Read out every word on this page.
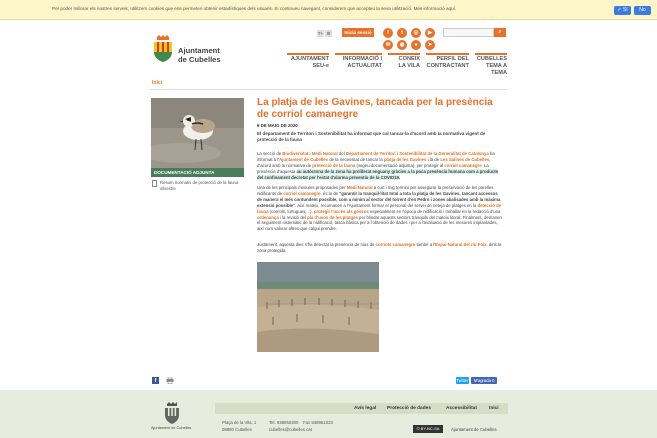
Per poder millorar els nostres serveis, utilitzem cookies que ens permeten obtenir estadístiques dels usuaris. Si continueu navegant, considerem que accepteu la seva utilització. Més informació aquí.	✓ Sí	No
Ajuntament
de Cubelles
T+ ⚙	Inicia sessió	f	t	◎	▶
✉	◉	●	➤
⌕
AJUNTAMENT
SEU-e
INFORMACIÓ I
ACTUALITAT
CONEIX
LA VILA
PERFIL DEL
CONTRACTANT
CUBELLES
TEMA A TEMA
Inici
DOCUMENTACIÓ ADJUNTA
Resum normativ de protecció de la fauna silvestre
La platja de les Gavines, tancada per la presència de corriol camanegre
8 DE MAIG DE 2020
El departament de Territori i Sostenibilitat ha informat que cal tancar-la d'acord amb la normativa vigent de protecció de la fauna

La secció de Biodiversitat i Medi Natural del Departament de Territori i Sostenibilitat de la Generalitat de Catalunya ha informat a l'Ajuntament de Cubelles de la necessitat de tancar la platja de les Gavines i la de Les Salines de Cubelles, d'acord amb la normativa de protecció de la fauna (vegeu documentació adjunta), per protegir al corriol camanegre. La presència d'aquesta au autòctona de la zona ha proliferat enguany gràcies a la poca presència humana com a producte del confinament decretat per l'estat d'alarma preventiu de la COVID19.

Una de les principals mesures proposades per Medi Natural a curt i mig termini per assegurar la preservació de les parelles nidificants de corriol camanegre, és la de "garantir la tranquil·litat total a tota la platja de les Gavines, tancant accessos de manera el més contundent possible, com a mínim al sector del torrent d'en Pedro i zones abalisades amb la màxima extensió possible". Així mateix, recomanen a l'Ajuntament formar el personal del servei de neteja de platges en la detecció de fauna (corriols, tortugues,...), protegir l'accés als gossos especialment en l'època de nidificació i treballar en la redacció d'una ordenança i la revisió del pla d'usos de les platges per blindar aquests sectors tranquils del mateix litoral. Finalment, demanen el seguiment sistemàtic de la nidificació, tasca bàsica per a l'obtenció de dades i per a l'avaluació de les mesures implantades, així com valorar altres que calgui prendre.

Justament, aquesta dies s'ha detectat la presència de nius de corriols camanegre també a l'Espai Natural del riu Foix, dins la zona protegida.

f	Twitter	M'agrada 0
Avís legal Protecció de dades	Accessibilitat	Inici
Ajuntament de Cubelles
Plaça de la Vila, 1
08880 Cubelles
Tel. 938950300 Fax 938951023
cubelles@cubelles.cat	© BY-NC-SA	Ajuntament de Cubelles
